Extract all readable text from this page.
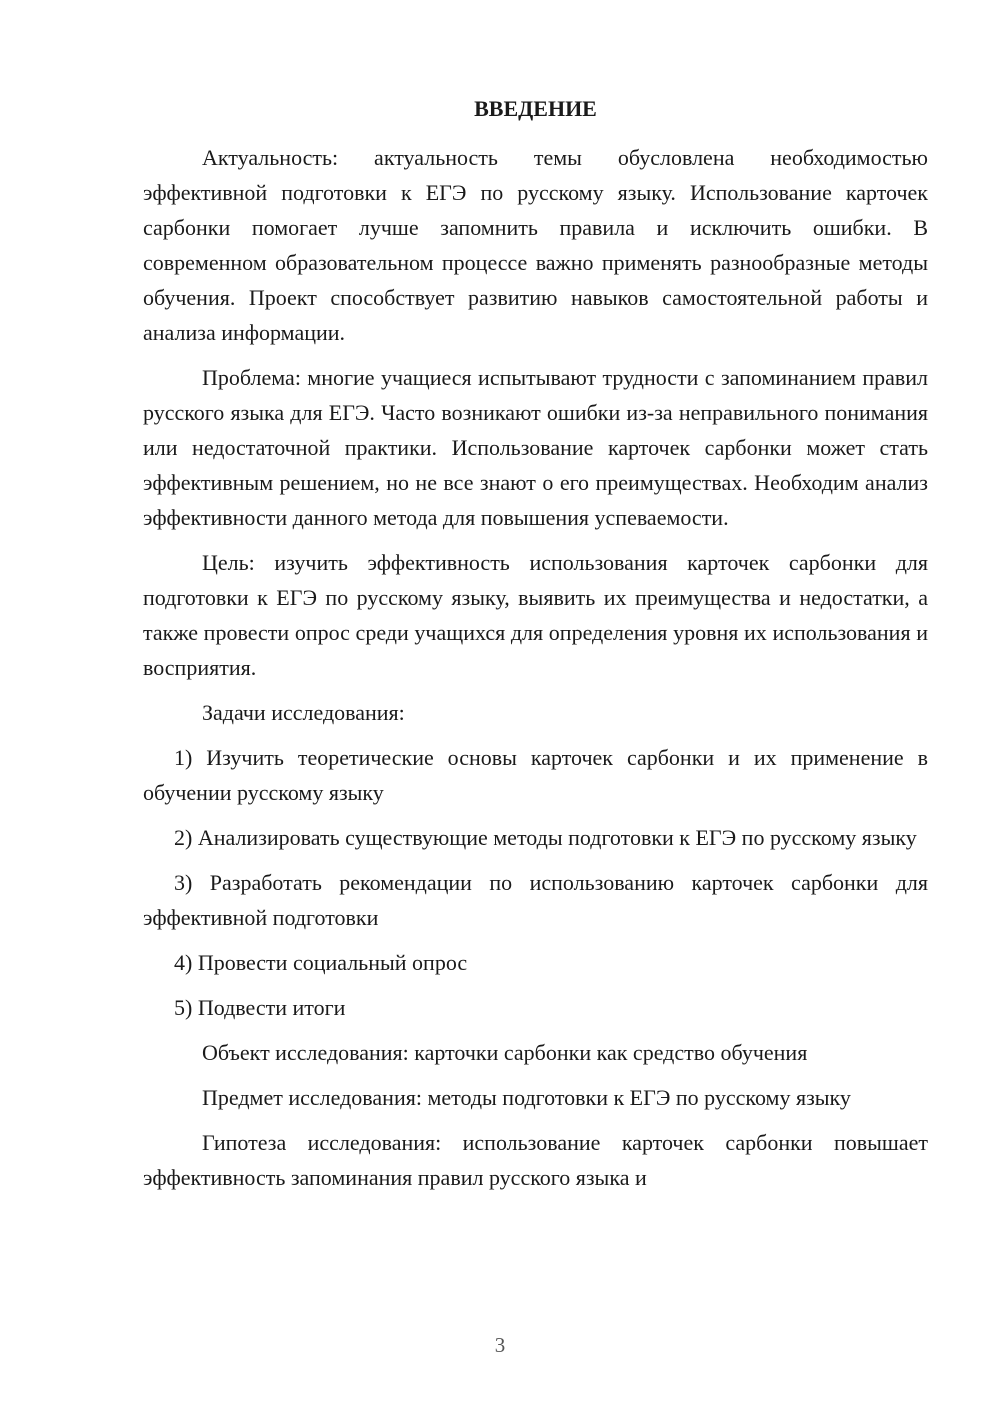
ВВЕДЕНИЕ

Актуальность: актуальность темы обусловлена необходимостью эффективной подготовки к ЕГЭ по русскому языку. Использование карточек сарбонки помогает лучше запомнить правила и исключить ошибки. В современном образовательном процессе важно применять разнообразные методы обучения. Проект способствует развитию навыков самостоятельной работы и анализа информации.

Проблема: многие учащиеся испытывают трудности с запоминанием правил русского языка для ЕГЭ. Часто возникают ошибки из-за неправильного понимания или недостаточной практики. Использование карточек сарбонки может стать эффективным решением, но не все знают о его преимуществах. Необходим анализ эффективности данного метода для повышения успеваемости.

Цель: изучить эффективность использования карточек сарбонки для подготовки к ЕГЭ по русскому языку, выявить их преимущества и недостатки, а также провести опрос среди учащихся для определения уровня их использования и восприятия.

Задачи исследования:

1) Изучить теоретические основы карточек сарбонки и их применение в обучении русскому языку

2) Анализировать существующие методы подготовки к ЕГЭ по русскому языку

3) Разработать рекомендации по использованию карточек сарбонки для эффективной подготовки

4) Провести социальный опрос

5) Подвести итоги

Объект исследования: карточки сарбонки как средство обучения

Предмет исследования: методы подготовки к ЕГЭ по русскому языку

Гипотеза исследования: использование карточек сарбонки повышает эффективность запоминания правил русского языка и

3
